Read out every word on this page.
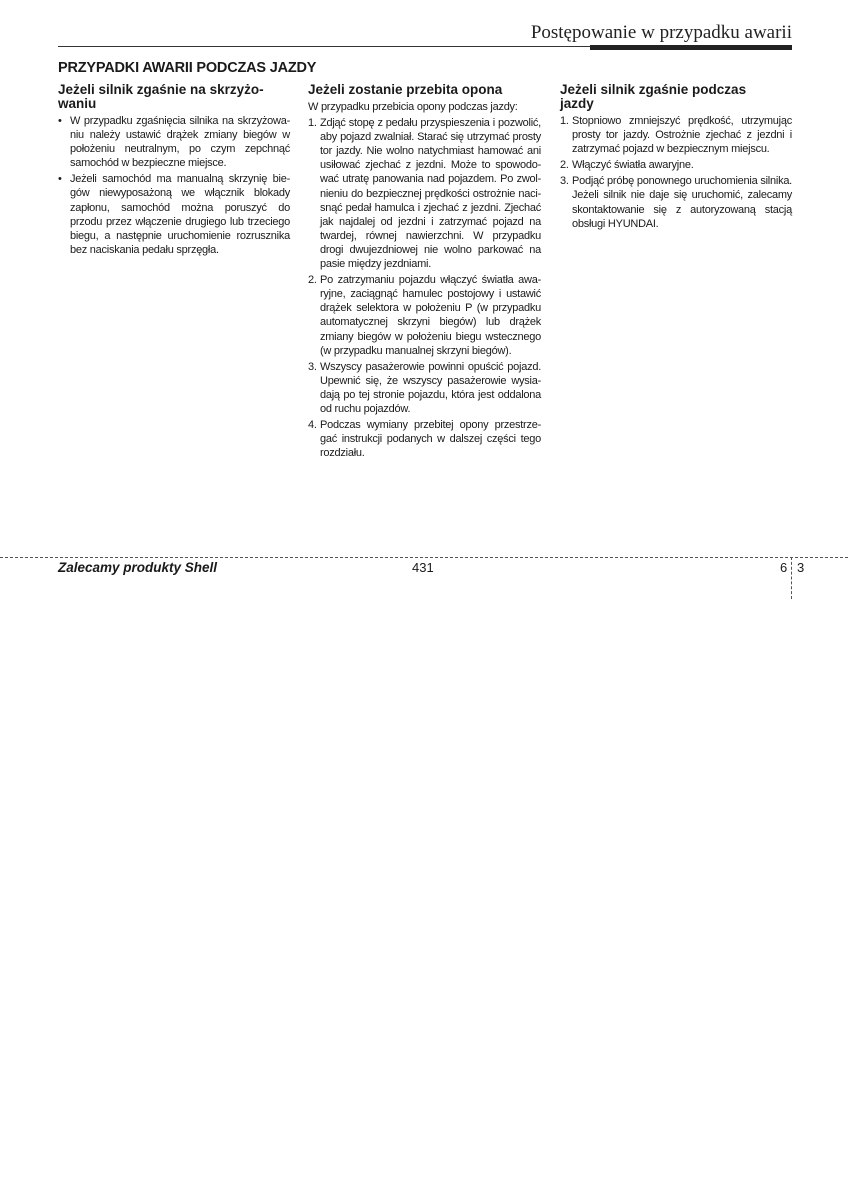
Postępowanie w przypadku awarii
PRZYPADKI AWARII PODCZAS JAZDY
Jeżeli silnik zgaśnie na skrzyżo-
waniu
• W przypadku zgaśnięcia silnika na skrzyżowa-niu należy ustawić drążek zmiany biegów w położeniu neutralnym, po czym zepchnąć samochód w bezpieczne miejsce.
• Jeżeli samochód ma manualną skrzynię bie-gów niewyposażoną we włącznik blokady zapłonu, samochód można poruszyć do przodu przez włączenie drugiego lub trzeciego biegu, a następnie uruchomienie rozrusznika bez naciskania pedału sprzęgła.
Jeżeli zostanie przebita opona

W przypadku przebicia opony podczas jazdy:

1. Zdjąć stopę z pedału przyspieszenia i pozwolić, aby pojazd zwalniał. Starać się utrzymać prosty tor jazdy. Nie wolno natychmiast hamować ani usiłować zjechać z jezdni. Może to spowodo-wać utratę panowania nad pojazdem. Po zwol-nieniu do bezpiecznej prędkości ostrożnie naci-snąć pedał hamulca i zjechać z jezdni. Zjechać jak najdalej od jezdni i zatrzymać pojazd na twardej, równej nawierzchni. W przypadku drogi dwujezdniowej nie wolno parkować na pasie między jezdniami.
2. Po zatrzymaniu pojazdu włączyć światła awa-ryjne, zaciągnąć hamulec postojowy i ustawić drążek selektora w położeniu P (w przypadku automatycznej skrzyni biegów) lub drążek zmiany biegów w położeniu biegu wstecznego (w przypadku manualnej skrzyni biegów).
3. Wszyscy pasażerowie powinni opuścić pojazd. Upewnić się, że wszyscy pasażerowie wysia-dają po tej stronie pojazdu, która jest oddalona od ruchu pojazdów.
4. Podczas wymiany przebitej opony przestrze-gać instrukcji podanych w dalszej części tego rozdziału.
Jeżeli silnik zgaśnie podczas
jazdy
1. Stopniowo zmniejszyć prędkość, utrzymując prosty tor jazdy. Ostrożnie zjechać z jezdni i zatrzymać pojazd w bezpiecznym miejscu.
2. Włączyć światła awaryjne.
3. Podjąć próbę ponownego uruchomienia silnika. Jeżeli silnik nie daje się uruchomić, zalecamy skontaktowanie się z autoryzowaną stacją obsługi HYUNDAI.
Zalecamy produkty Shell	431	6 3
